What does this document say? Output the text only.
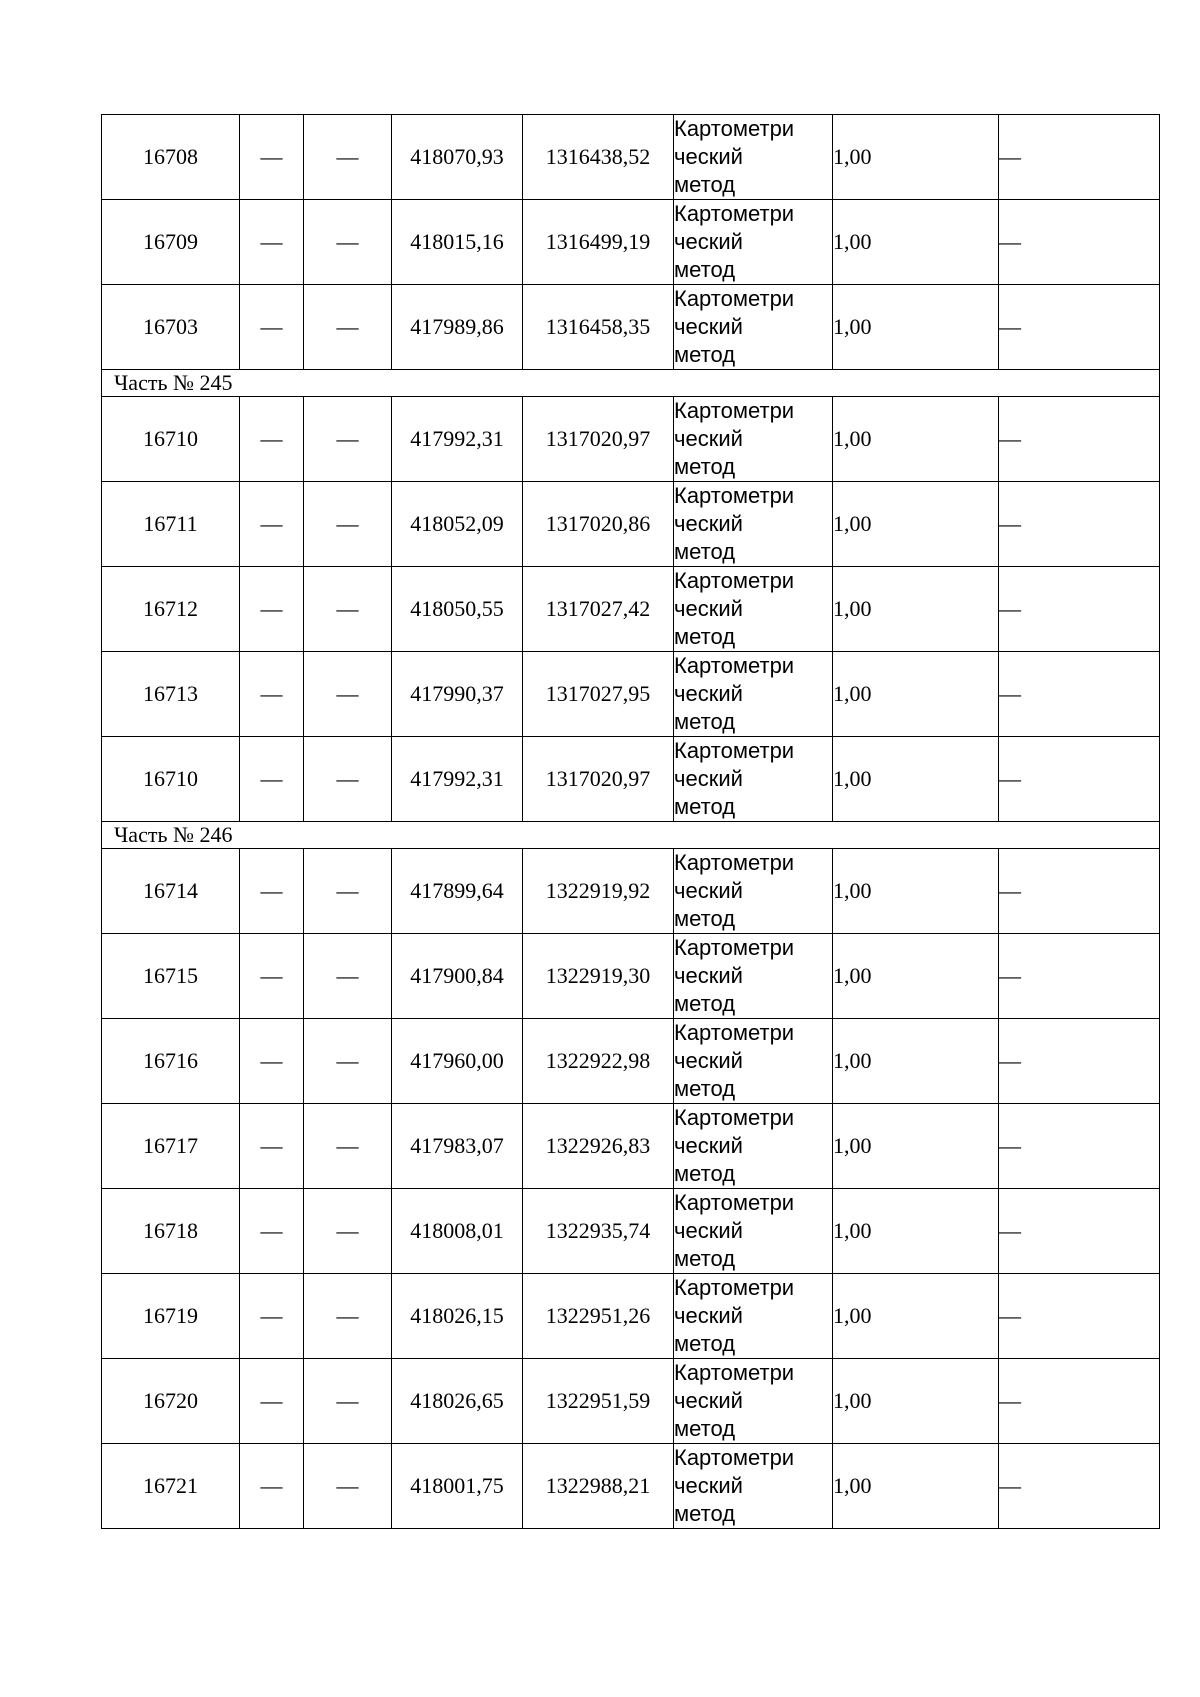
16708	—	—	418070,93	1316438,52	Картометри
ческий
метод	1,00	—
16709	—	—	418015,16	1316499,19	Картометри
ческий
метод	1,00	—
16703	—	—	417989,86	1316458,35	Картометри
ческий
метод	1,00	—
Часть № 245							
16710	—	—	417992,31	1317020,97	Картометри
ческий
метод	1,00	—
16711	—	—	418052,09	1317020,86	Картометри
ческий
метод	1,00	—
16712	—	—	418050,55	1317027,42	Картометри
ческий
метод	1,00	—
16713	—	—	417990,37	1317027,95	Картометри
ческий
метод	1,00	—
16710	—	—	417992,31	1317020,97	Картометри
ческий
метод	1,00	—
Часть № 246							
16714	—	—	417899,64	1322919,92	Картометри
ческий
метод	1,00	—
16715	—	—	417900,84	1322919,30	Картометри
ческий
метод	1,00	—
16716	—	—	417960,00	1322922,98	Картометри
ческий
метод	1,00	—
16717	—	—	417983,07	1322926,83	Картометри
ческий
метод	1,00	—
16718	—	—	418008,01	1322935,74	Картометри
ческий
метод	1,00	—
16719	—	—	418026,15	1322951,26	Картометри
ческий
метод	1,00	—
16720	—	—	418026,65	1322951,59	Картометри
ческий
метод	1,00	—
16721	—	—	418001,75	1322988,21	Картометри
ческий
метод	1,00	—
